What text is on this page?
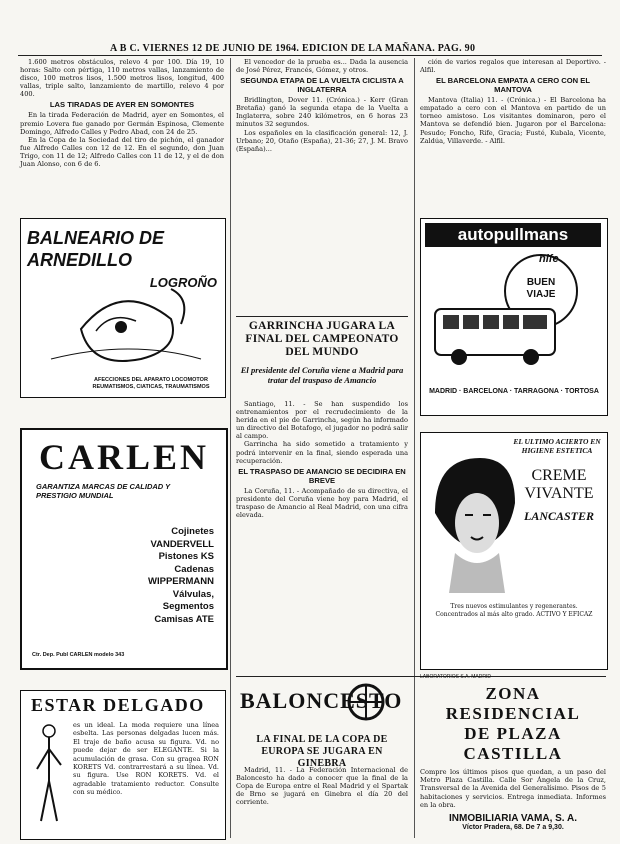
A B C. VIERNES 12 DE JUNIO DE 1964. EDICION DE LA MAÑANA. PAG. 90

1.600 metros obstáculos, relevo 4 por 100. Día 19, 10 horas: Salto con pértiga, 110 metros vallas, lanzamiento de disco, 100 metros lisos, 1.500 metros lisos, longitud, 400 vallas, triple salto, lanzamiento de martillo, relevo 4 por 400.

LAS TIRADAS DE AYER EN SOMONTES

En la tirada Federación de Madrid, ayer en Somontes, el premio Lovera fue ganado por Germán Espinosa, Clemente Domingo, Alfredo Calles y Pedro Abad, con 24 de 25.

En la Copa de la Sociedad del tiro de pichón, el ganador fue Alfredo Calles con 12 de 12. En el segundo, don Juan Trigo, con 11 de 12; Alfredo Calles con 11 de 12, y el de don Juan Alonso, con 6 de 6.

BALNEARIO DE ARNEDILLO
LOGROÑO
AFECCIONES DEL APARATO LOCOMOTOR REUMATISMOS, CIATICAS, TRAUMATISMOS
CARLEN
GARANTIZA MARCAS DE CALIDAD Y PRESTIGIO MUNDIAL
Cojinetes
VANDERVELL
Pistones KS
Cadenas
WIPPERMANN
Válvulas,
Segmentos
Camisas ATE
Ctr. Dep. Publ CARLEN modelo 343
ESTAR DELGADO
es un ideal. La moda requiere una línea esbelta. Las personas delgadas lucen más. El traje de baño acusa su figura. Vd. no puede dejar de ser ELEGANTE. Si la acumulación de grasa. Con su gragea RON KORETS Vd. contrarrestará a su línea. Vd. su figura. Use RON KORETS. Vd. el agradable tratamiento reductor. Consulte con su médico.

El vencedor de la prueba es... Dada la ausencia de José Pérez, Francés, Gómez, y otros.

SEGUNDA ETAPA DE LA VUELTA CICLISTA A INGLATERRA

Bridlington, Dover 11. (Crónica.) - Kerr (Gran Bretaña) ganó la segunda etapa de la Vuelta a Inglaterra, sobre 240 kilómetros, en 6 horas 23 minutos 32 segundos.

Los españoles en la clasificación general: 12, J. Urbano; 20, Otaño (España), 21-36; 27, J. M. Bravo (España)...

GARRINCHA JUGARA LA FINAL DEL CAMPEONATO DEL MUNDO
El presidente del Coruña viene a Madrid para tratar del traspaso de Amancio

Santiago, 11. - Se han suspendido los entrenamientos por el recrudecimiento de la herida en el pie de Garrincha, según ha informado un directivo del Botafogo, el jugador no podrá salir al campo.

Garrincha ha sido sometido a tratamiento y podrá intervenir en la final, siendo esperada una recuperación.

EL TRASPASO DE AMANCIO SE DECIDIRA EN BREVE

La Coruña, 11. - Acompañado de su directiva, el presidente del Coruña viene hoy para Madrid, el traspaso de Amancio al Real Madrid, con una cifra elevada.

BALONCESTO
LA FINAL DE LA COPA DE EUROPA SE JUGARA EN GINEBRA

Madrid, 11. - La Federación Internacional de Baloncesto ha dado a conocer que la final de la Copa de Europa entre el Real Madrid y el Spartak de Brno se jugará en Ginebra el día 20 del corriente.

ción de varios regalos que interesan al Deportivo. - Alfil.

EL BARCELONA EMPATA A CERO CON EL MANTOVA

Mantova (Italia) 11. - (Crónica.) - El Barcelona ha empatado a cero con el Mantova en partido de un torneo amistoso. Los visitantes dominaron, pero el Mantova se defendió bien. Jugaron por el Barcelona: Pesudo; Foncho, Rife, Gracia; Fusté, Kubala, Vicente, Zaldúa, Villaverde. - Alfil.

autopullmans
hife
BUEN VIAJE
MADRID · BARCELONA · TARRAGONA · TORTOSA
EL ULTIMO ACIERTO EN HIGIENE ESTETICA
CREME
VIVANTE
LANCASTER
Tres nuevos estimulantes y regenerantes. Concentrados al más alto grado. ACTIVO Y EFICAZ
LABORATORIOS S.A. MADRID
ZONA RESIDENCIAL
DE PLAZA CASTILLA
Compre los últimos pisos que quedan, a un paso del Metro Plaza Castilla. Calle Sor Ángela de la Cruz, Transversal de la Avenida del Generalísimo. Pisos de 5 habitaciones y servicios. Entrega inmediata. Informes en la obra.
INMOBILIARIA VAMA, S. A.
Víctor Pradera, 68. De 7 a 9,30.
